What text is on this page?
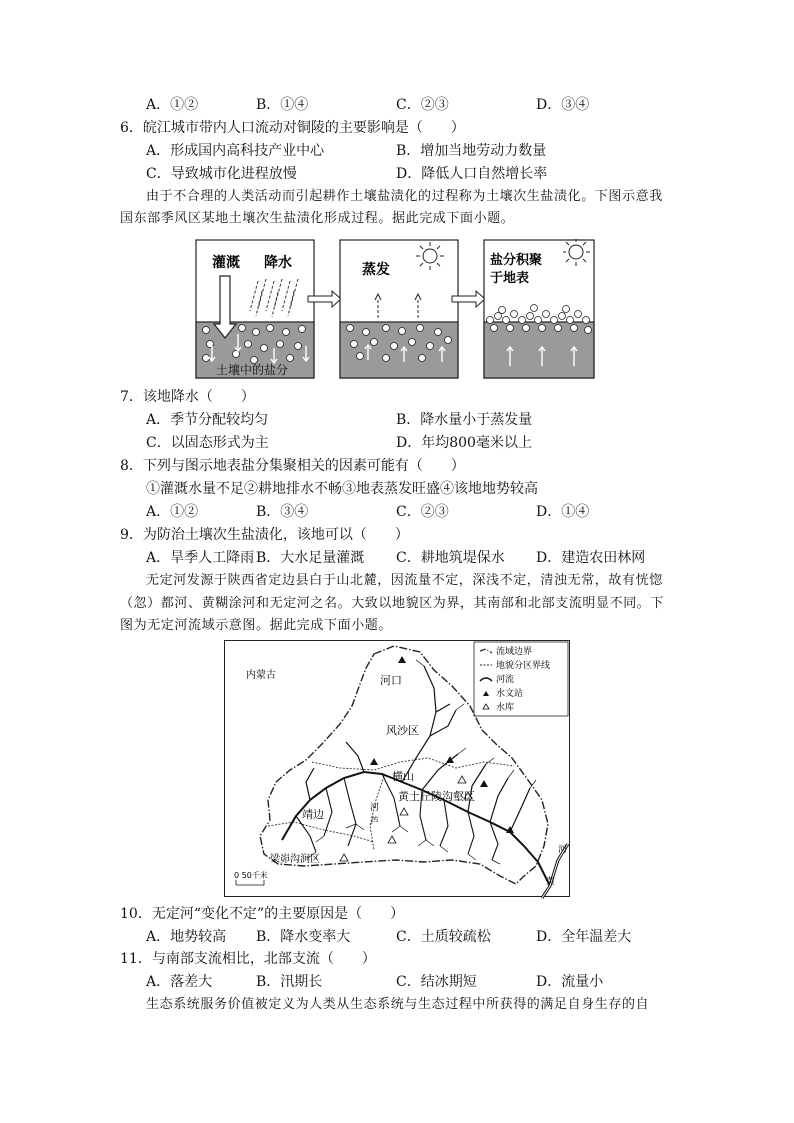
A．①②	B．①④	C．②③	D．③④
6．皖江城市带内人口流动对铜陵的主要影响是（　　）
A．形成国内高科技产业中心	B．增加当地劳动力数量
C．导致城市化进程放慢	D．降低人口自然增长率
由于不合理的人类活动而引起耕作土壤盐渍化的过程称为土壤次生盐渍化。下图示意我
国东部季风区某地土壤次生盐渍化形成过程。据此完成下面小题。
灌溉 降水
土壤中的盐分
蒸发
盐分积聚
于地表
7．该地降水（　　）
A．季节分配较均匀	B．降水量小于蒸发量
C．以固态形式为主	D．年均800毫米以上
8．下列与图示地表盐分集聚相关的因素可能有（　　）
①灌溉水量不足②耕地排水不畅③地表蒸发旺盛④该地地势较高
A．①②	B．③④	C．②③	D．①④
9．为防治土壤次生盐渍化，该地可以（　　）
A．旱季人工降雨 B．大水足量灌溉 C．耕地筑堤保水 D．建造农田林网
无定河发源于陕西省定边县白于山北麓，因流量不定，深浅不定，清浊无常，故有恍惚
（忽）都河、黄糊涂河和无定河之名。大致以地貌区为界，其南部和北部支流明显不同。下
图为无定河流域示意图。据此完成下面小题。
流域边界
地貌分区界线
河流
水文站
水库
内蒙古	河口
风沙区
横山
黄土丘陵沟壑区
靖边	河
芦
梁峁沟涧区
河
黄
0 50千米
10．无定河“变化不定”的主要原因是（　　）
A．地势较高 B．降水变率大	C．土质较疏松	D．全年温差大
11．与南部支流相比，北部支流（　　）
A．落差大	B．汛期长	C．结冰期短	D．流量小
生态系统服务价值被定义为人类从生态系统与生态过程中所获得的满足自身生存的自
